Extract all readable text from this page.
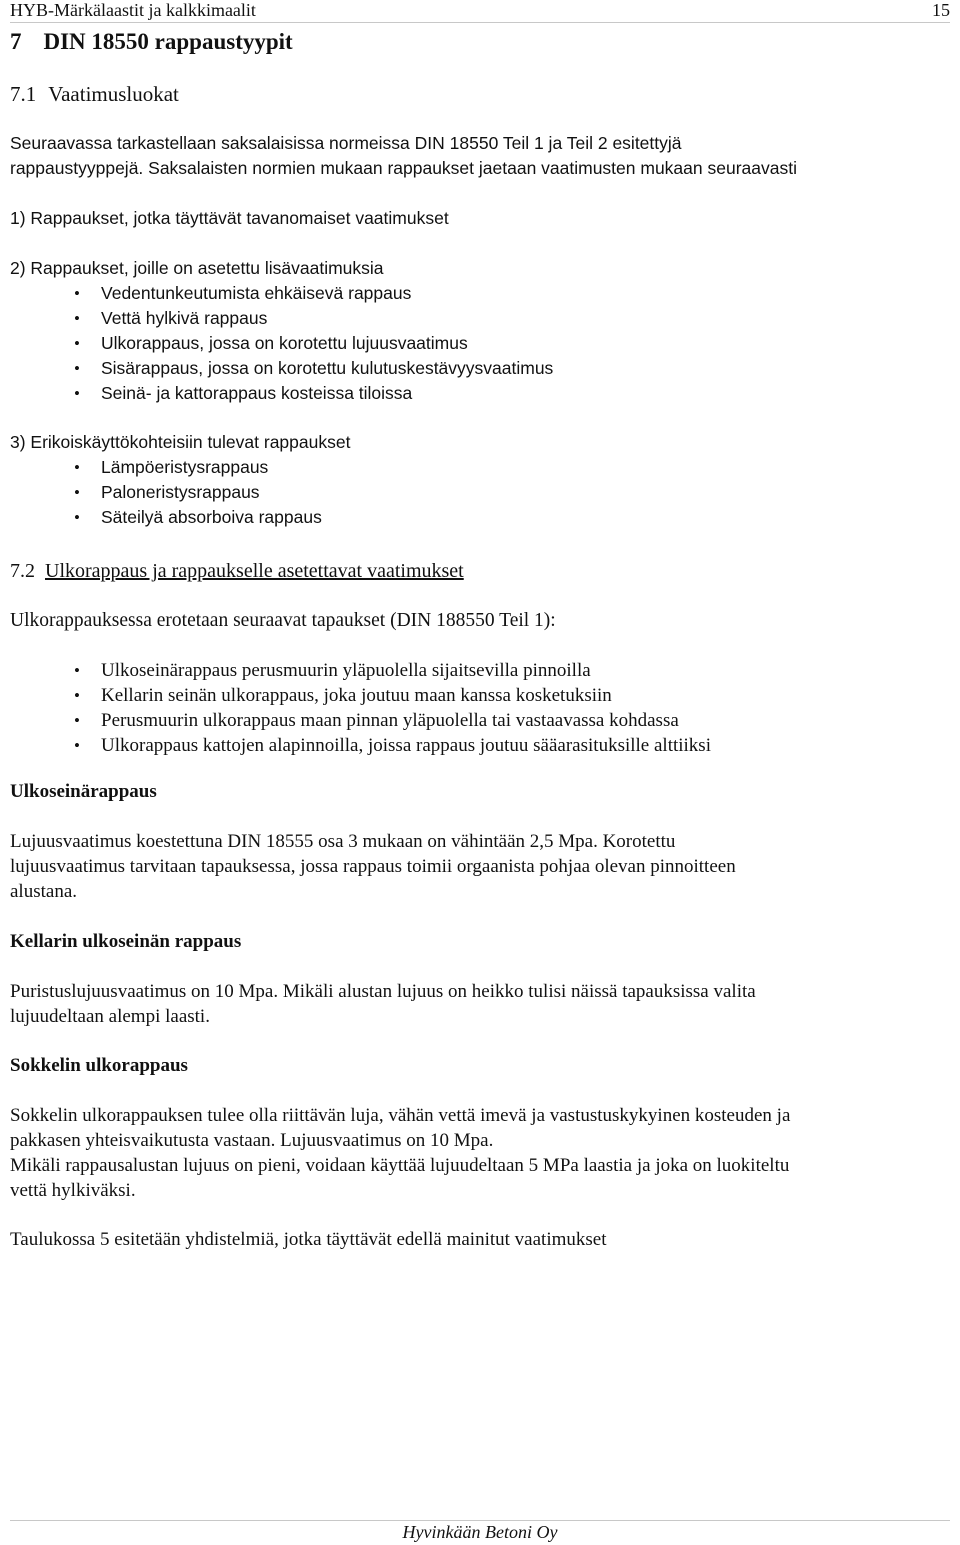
HYB-Märkälaastit ja kalkkimaalit	15
7 DIN 18550 rappaustyypit
7.1 Vaatimusluokat
Seuraavassa tarkastellaan saksalaisissa normeissa DIN 18550 Teil 1 ja Teil 2 esitettyjä
rappaustyyppejä. Saksalaisten normien mukaan rappaukset jaetaan vaatimusten mukaan seuraavasti
1) Rappaukset, jotka täyttävät tavanomaiset vaatimukset
2) Rappaukset, joille on asetettu lisävaatimuksia
• Vedentunkeutumista ehkäisevä rappaus
• Vettä hylkivä rappaus
• Ulkorappaus, jossa on korotettu lujuusvaatimus
• Sisärappaus, jossa on korotettu kulutuskestävyysvaatimus
• Seinä- ja kattorappaus kosteissa tiloissa
3) Erikoiskäyttökohteisiin tulevat rappaukset
• Lämpöeristysrappaus
• Paloneristysrappaus
• Säteilyä absorboiva rappaus
7.2 Ulkorappaus ja rappaukselle asetettavat vaatimukset
Ulkorappauksessa erotetaan seuraavat tapaukset (DIN 188550 Teil 1):
• Ulkoseinärappaus perusmuurin yläpuolella sijaitsevilla pinnoilla
• Kellarin seinän ulkorappaus, joka joutuu maan kanssa kosketuksiin
• Perusmuurin ulkorappaus maan pinnan yläpuolella tai vastaavassa kohdassa
• Ulkorappaus kattojen alapinnoilla, joissa rappaus joutuu sääarasituksille alttiiksi
Ulkoseinärappaus
Lujuusvaatimus koestettuna DIN 18555 osa 3 mukaan on vähintään 2,5 Mpa. Korotettu
lujuusvaatimus tarvitaan tapauksessa, jossa rappaus toimii orgaanista pohjaa olevan pinnoitteen
alustana.
Kellarin ulkoseinän rappaus
Puristuslujuusvaatimus on 10 Mpa. Mikäli alustan lujuus on heikko tulisi näissä tapauksissa valita
lujuudeltaan alempi laasti.
Sokkelin ulkorappaus
Sokkelin ulkorappauksen tulee olla riittävän luja, vähän vettä imevä ja vastustuskykyinen kosteuden ja
pakkasen yhteisvaikutusta vastaan. Lujuusvaatimus on 10 Mpa.
Mikäli rappausalustan lujuus on pieni, voidaan käyttää lujuudeltaan 5 MPa laastia ja joka on luokiteltu
vettä hylkiväksi.
Taulukossa 5 esitetään yhdistelmiä, jotka täyttävät edellä mainitut vaatimukset
Hyvinkään Betoni Oy
